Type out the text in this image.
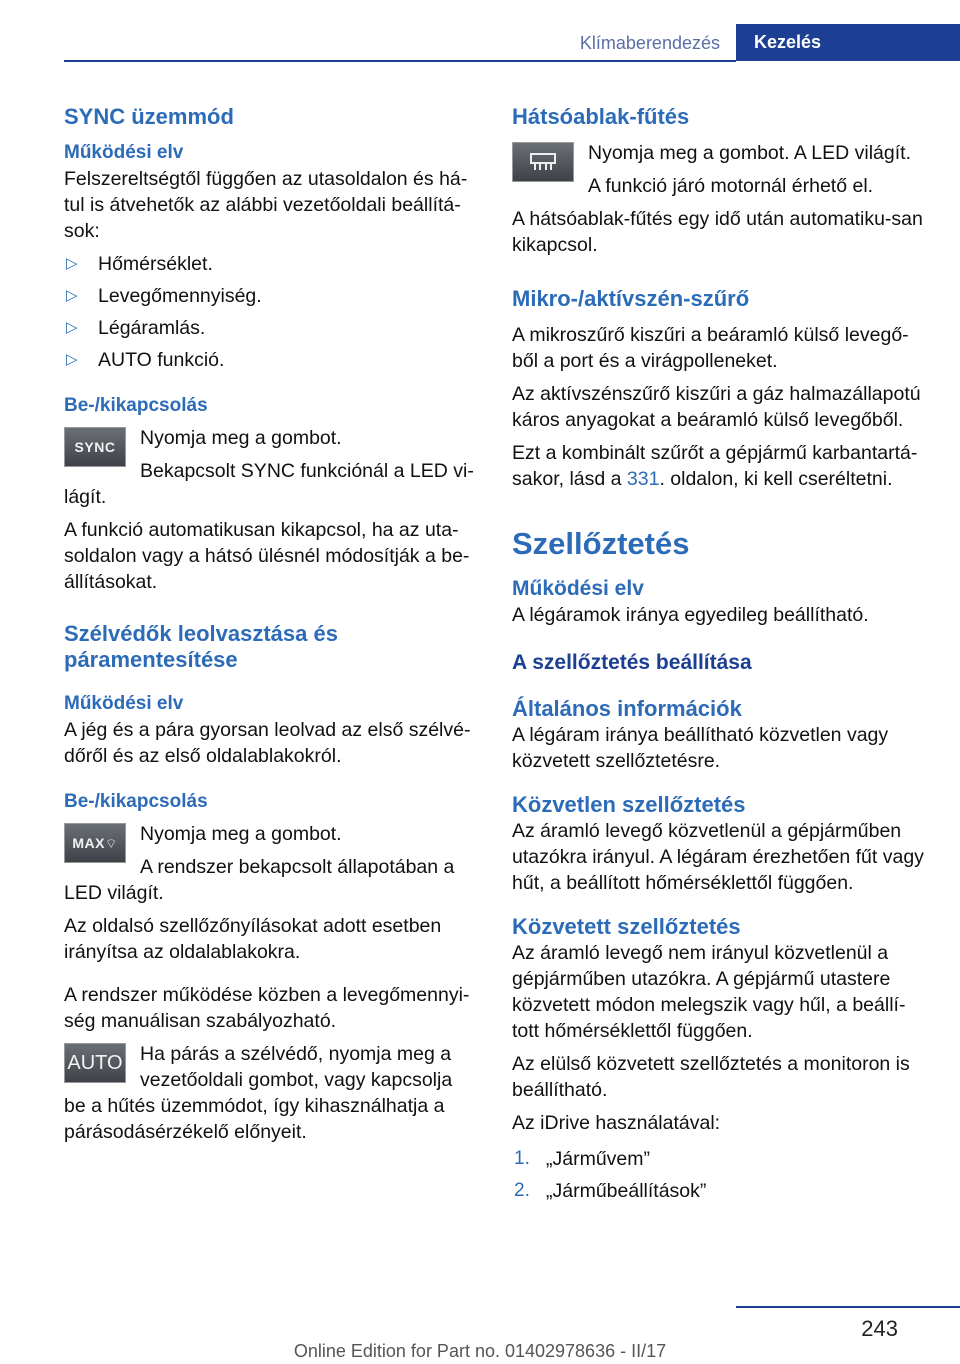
Klímaberendezés	Kezelés
SYNC üzemmód
Működési elv
Felszereltségtől függően az utasoldalon és há-tul is átvehetők az alábbi vezetőoldali beállítá-sok:
▷ Hőmérséklet.
▷ Levegőmennyiség.
▷ Légáramlás.
▷ AUTO funkció.
Be-/kikapcsolás
SYNC	Nyomja meg a gombot.
Bekapcsolt SYNC funkciónál a LED vi-lágít.
A funkció automatikusan kikapcsol, ha az uta-soldalon vagy a hátsó ülésnél módosítják a be-állításokat.
Szélvédők leolvasztása és páramentesítése
Működési elv
A jég és a pára gyorsan leolvad az első szélvé-dőről és az első oldalablakokról.
Be-/kikapcsolás
MAX⌔	Nyomja meg a gombot.
A rendszer bekapcsolt állapotában a LED világít.
Az oldalsó szellőzőnyílásokat adott esetben irányítsa az oldalablakokra.
A rendszer működése közben a levegőmennyi-ség manuálisan szabályozható.
AUTO Ha párás a szélvédő, nyomja meg a vezetőoldali gombot, vagy kapcsolja be a hűtés üzemmódot, így kihasználhatja a párásodásérzékelő előnyeit.
Hátsóablak-fűtés
Nyomja meg a gombot. A LED világít.
A funkció járó motornál érhető el.
A hátsóablak-fűtés egy idő után automatiku-san kikapcsol.
Mikro-/aktívszén-szűrő
A mikroszűrő kiszűri a beáramló külső levegő-ből a port és a virágpolleneket.
Az aktívszénszűrő kiszűri a gáz halmazállapotú káros anyagokat a beáramló külső levegőből.
Ezt a kombinált szűrőt a gépjármű karbantartá-sakor, lásd a 331. oldalon, ki kell cseréltetni.
Szellőztetés
Működési elv
A légáramok iránya egyedileg beállítható.
A szellőztetés beállítása
Általános információk
A légáram iránya beállítható közvetlen vagy közvetett szellőztetésre.
Közvetlen szellőztetés
Az áramló levegő közvetlenül a gépjárműben utazókra irányul. A légáram érezhetően fűt vagy hűt, a beállított hőmérséklettől függően.
Közvetett szellőztetés
Az áramló levegő nem irányul közvetlenül a gépjárműben utazókra. A gépjármű utastere közvetett módon melegszik vagy hűl, a beállí-tott hőmérséklettől függően.
Az elülső közvetett szellőztetés a monitoron is beállítható.
Az iDrive használatával:
1. „Járművem”
2. „Járműbeállítások”
243
Online Edition for Part no. 01402978636 - II/17
